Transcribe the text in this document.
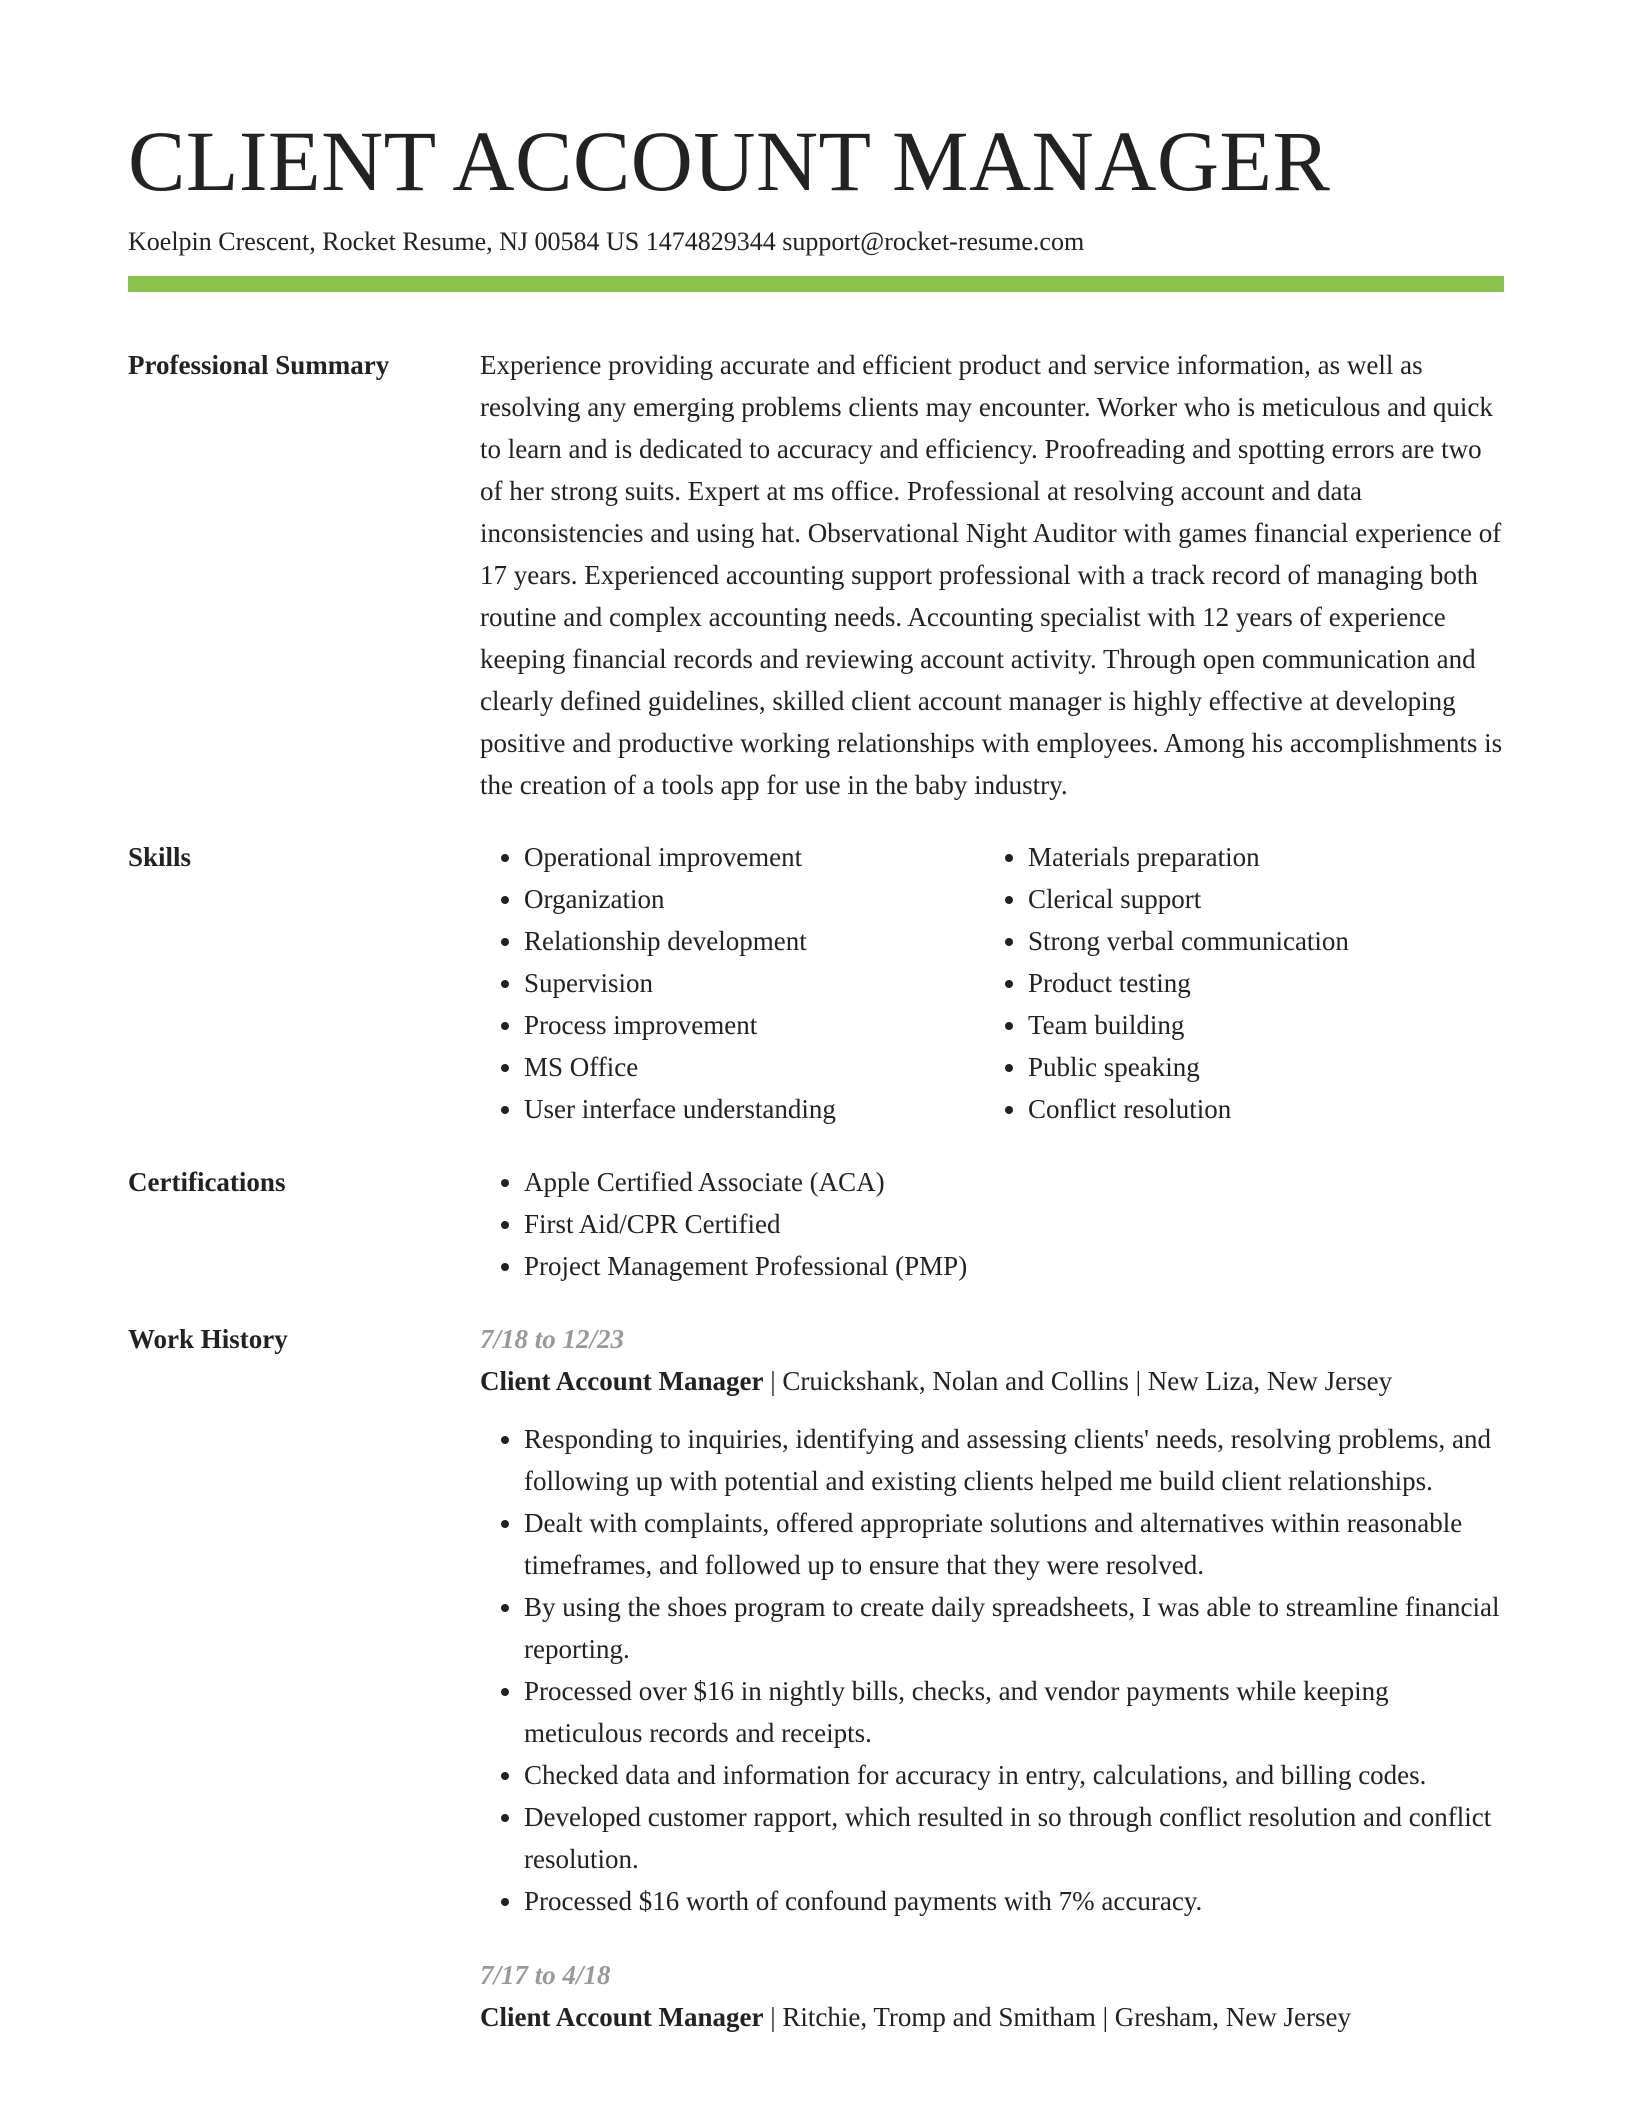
CLIENT ACCOUNT MANAGER
Koelpin Crescent, Rocket Resume, NJ 00584 US 1474829344 support@rocket-resume.com
Professional Summary	Experience providing accurate and efficient product and service information, as well as resolving any emerging problems clients may encounter. Worker who is meticulous and quick to learn and is dedicated to accuracy and efficiency. Proofreading and spotting errors are two of her strong suits. Expert at ms office. Professional at resolving account and data inconsistencies and using hat. Observational Night Auditor with games financial experience of 17 years. Experienced accounting support professional with a track record of managing both routine and complex accounting needs. Accounting specialist with 12 years of experience keeping financial records and reviewing account activity. Through open communication and clearly defined guidelines, skilled client account manager is highly effective at developing positive and productive working relationships with employees. Among his accomplishments is the creation of a tools app for use in the baby industry.

Skills	• Operational improvement
• Organization
• Relationship development
• Supervision
• Process improvement
• MS Office
• User interface understanding
• Materials preparation
• Clerical support
• Strong verbal communication
• Product testing
• Team building
• Public speaking
• Conflict resolution
Certifications	• Apple Certified Associate (ACA)
• First Aid/CPR Certified
• Project Management Professional (PMP)
Work History	7/18 to 12/23
Client Account Manager | Cruickshank, Nolan and Collins | New Liza, New Jersey
• Responding to inquiries, identifying and assessing clients' needs, resolving problems, and following up with potential and existing clients helped me build client relationships.
• Dealt with complaints, offered appropriate solutions and alternatives within reasonable timeframes, and followed up to ensure that they were resolved.
• By using the shoes program to create daily spreadsheets, I was able to streamline financial reporting.
• Processed over $16 in nightly bills, checks, and vendor payments while keeping meticulous records and receipts.
• Checked data and information for accuracy in entry, calculations, and billing codes.
• Developed customer rapport, which resulted in so through conflict resolution and conflict resolution.
• Processed $16 worth of confound payments with 7% accuracy.
7/17 to 4/18
Client Account Manager | Ritchie, Tromp and Smitham | Gresham, New Jersey
